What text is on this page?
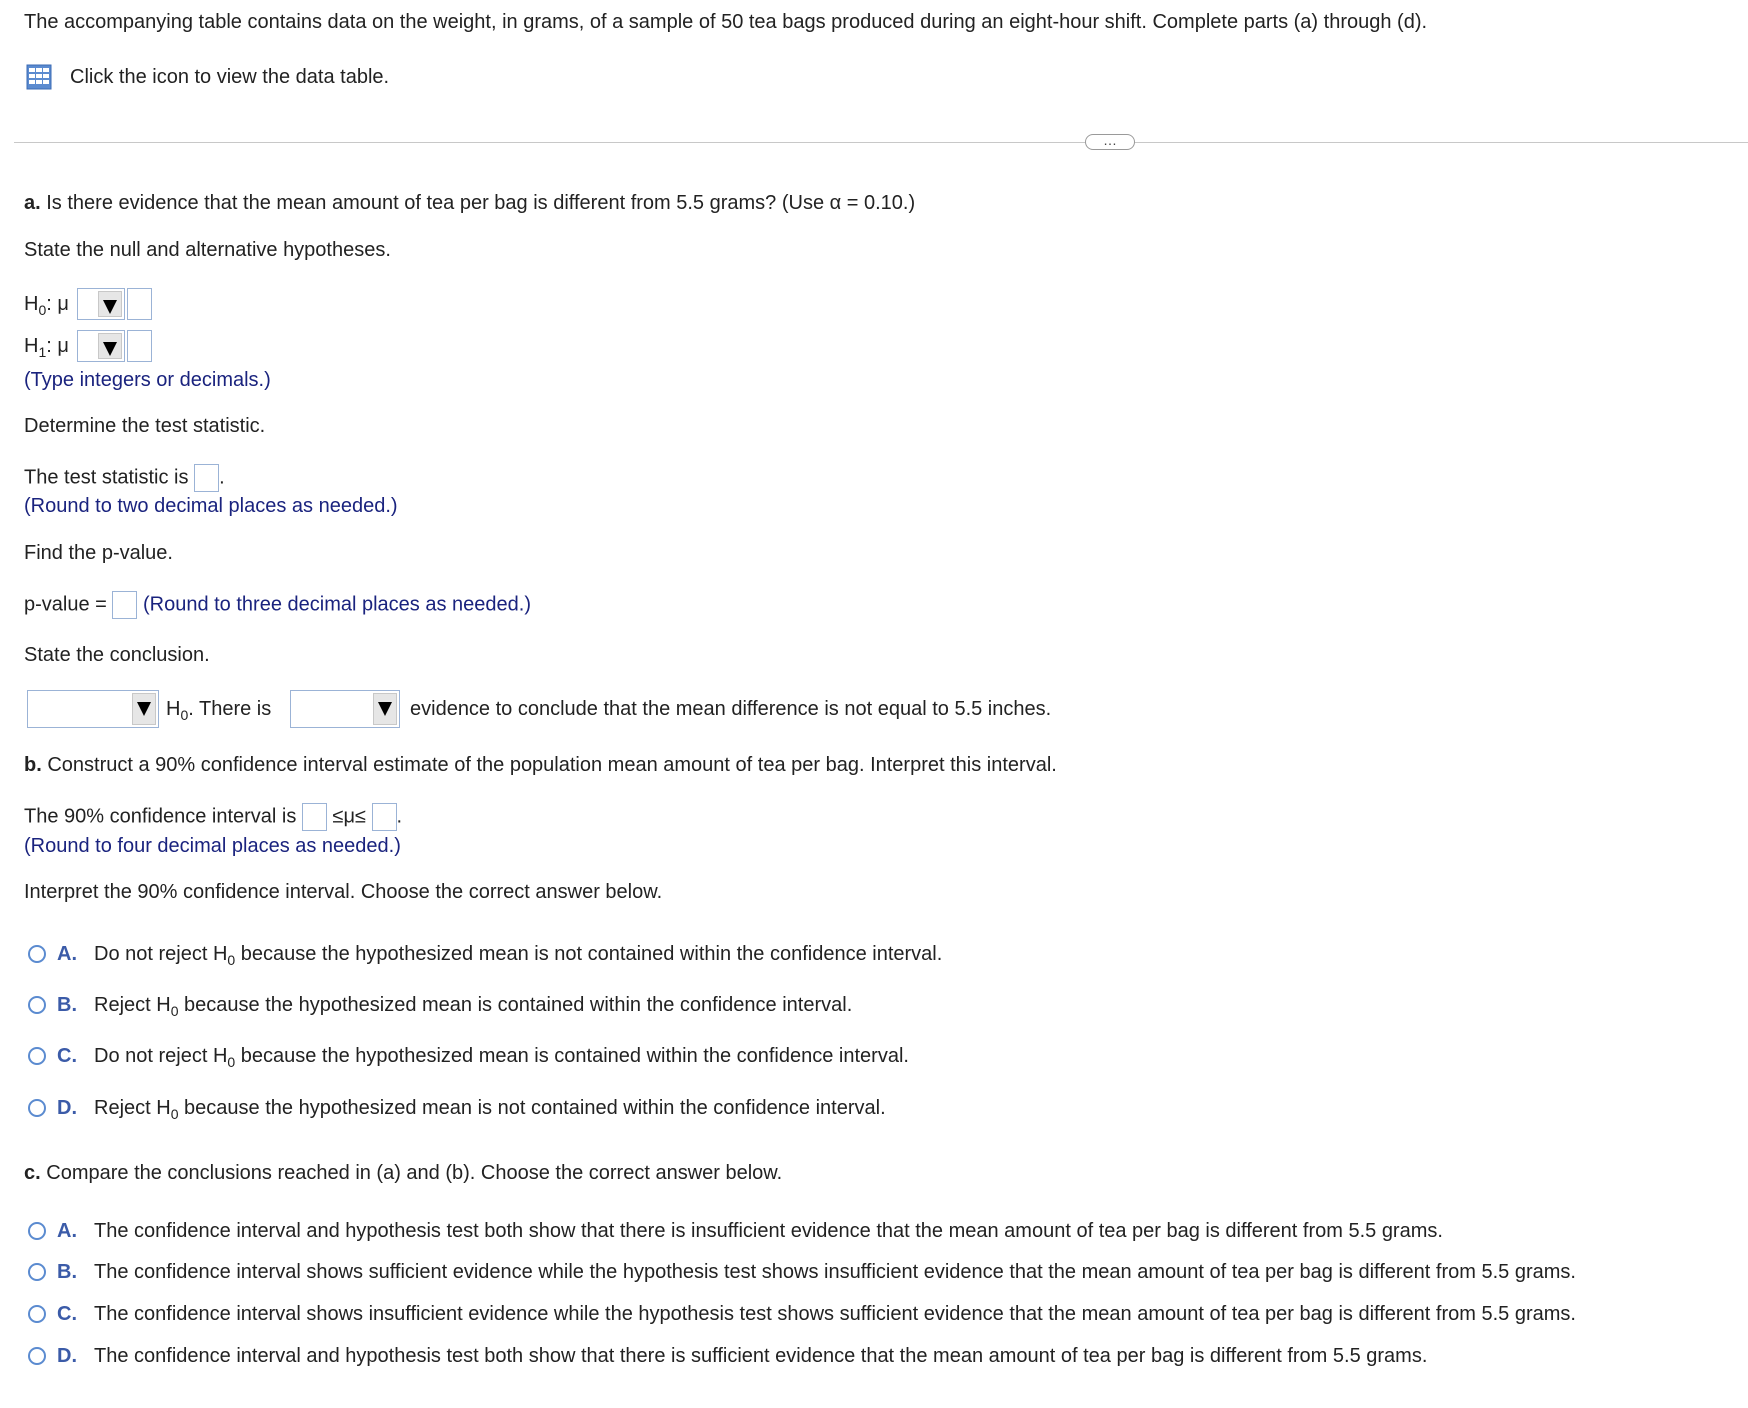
The accompanying table contains data on the weight, in grams, of a sample of 50 tea bags produced during an eight-hour shift. Complete parts (a) through (d).
Click the icon to view the data table.
…
a. Is there evidence that the mean amount of tea per bag is different from 5.5 grams? (Use α = 0.10.)
State the null and alternative hypotheses.
$H_0$: μ
$H_1$: μ
(Type integers or decimals.)
Determine the test statistic.
The test statistic is .
(Round to two decimal places as needed.)
Find the p-value.
p-value = (Round to three decimal places as needed.)
State the conclusion.
$H_0$. There is	evidence to conclude that the mean difference is not equal to 5.5 inches.
b. Construct a 90% confidence interval estimate of the population mean amount of tea per bag. Interpret this interval.
The 90% confidence interval is ≤μ≤ .
(Round to four decimal places as needed.)
Interpret the 90% confidence interval. Choose the correct answer below.
A. Do not reject $H_0$ because the hypothesized mean is not contained within the confidence interval.
B. Reject $H_0$ because the hypothesized mean is contained within the confidence interval.
C. Do not reject $H_0$ because the hypothesized mean is contained within the confidence interval.
D. Reject $H_0$ because the hypothesized mean is not contained within the confidence interval.
c. Compare the conclusions reached in (a) and (b). Choose the correct answer below.
A. The confidence interval and hypothesis test both show that there is insufficient evidence that the mean amount of tea per bag is different from 5.5 grams.
B. The confidence interval shows sufficient evidence while the hypothesis test shows insufficient evidence that the mean amount of tea per bag is different from 5.5 grams.
C. The confidence interval shows insufficient evidence while the hypothesis test shows sufficient evidence that the mean amount of tea per bag is different from 5.5 grams.
D. The confidence interval and hypothesis test both show that there is sufficient evidence that the mean amount of tea per bag is different from 5.5 grams.
